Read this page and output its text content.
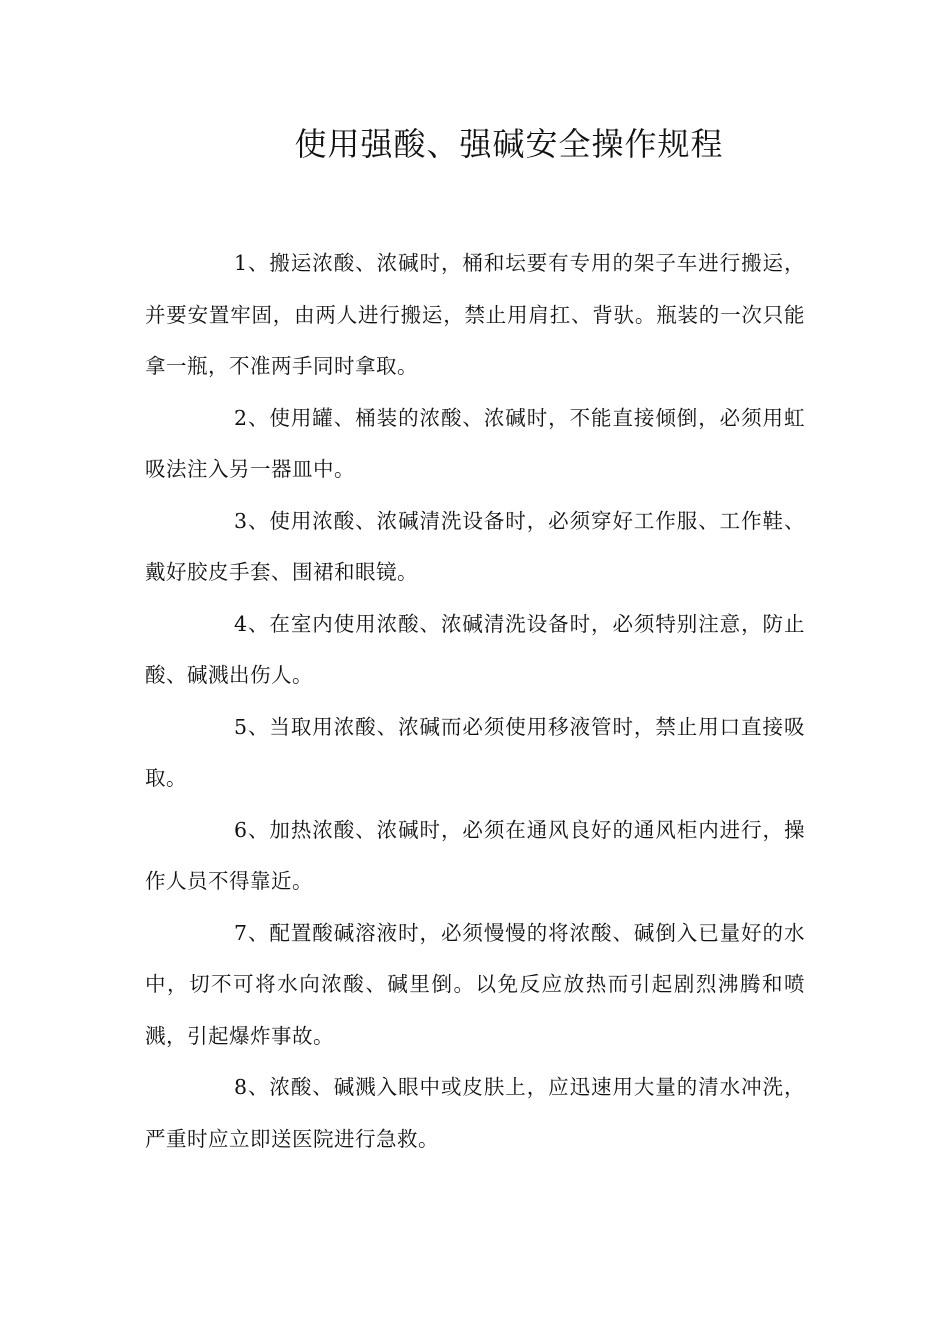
使用强酸、强碱安全操作规程

1、搬运浓酸、浓碱时，桶和坛要有专用的架子车进行搬运，并要安置牢固，由两人进行搬运，禁止用肩扛、背驮。瓶装的一次只能拿一瓶，不准两手同时拿取。

2、使用罐、桶装的浓酸、浓碱时，不能直接倾倒，必须用虹吸法注入另一器皿中。

3、使用浓酸、浓碱清洗设备时，必须穿好工作服、工作鞋、戴好胶皮手套、围裙和眼镜。

4、在室内使用浓酸、浓碱清洗设备时，必须特别注意，防止酸、碱溅出伤人。

5、当取用浓酸、浓碱而必须使用移液管时，禁止用口直接吸取。

6、加热浓酸、浓碱时，必须在通风良好的通风柜内进行，操作人员不得靠近。

7、配置酸碱溶液时，必须慢慢的将浓酸、碱倒入已量好的水中，切不可将水向浓酸、碱里倒。以免反应放热而引起剧烈沸腾和喷溅，引起爆炸事故。

8、浓酸、碱溅入眼中或皮肤上，应迅速用大量的清水冲洗，严重时应立即送医院进行急救。
